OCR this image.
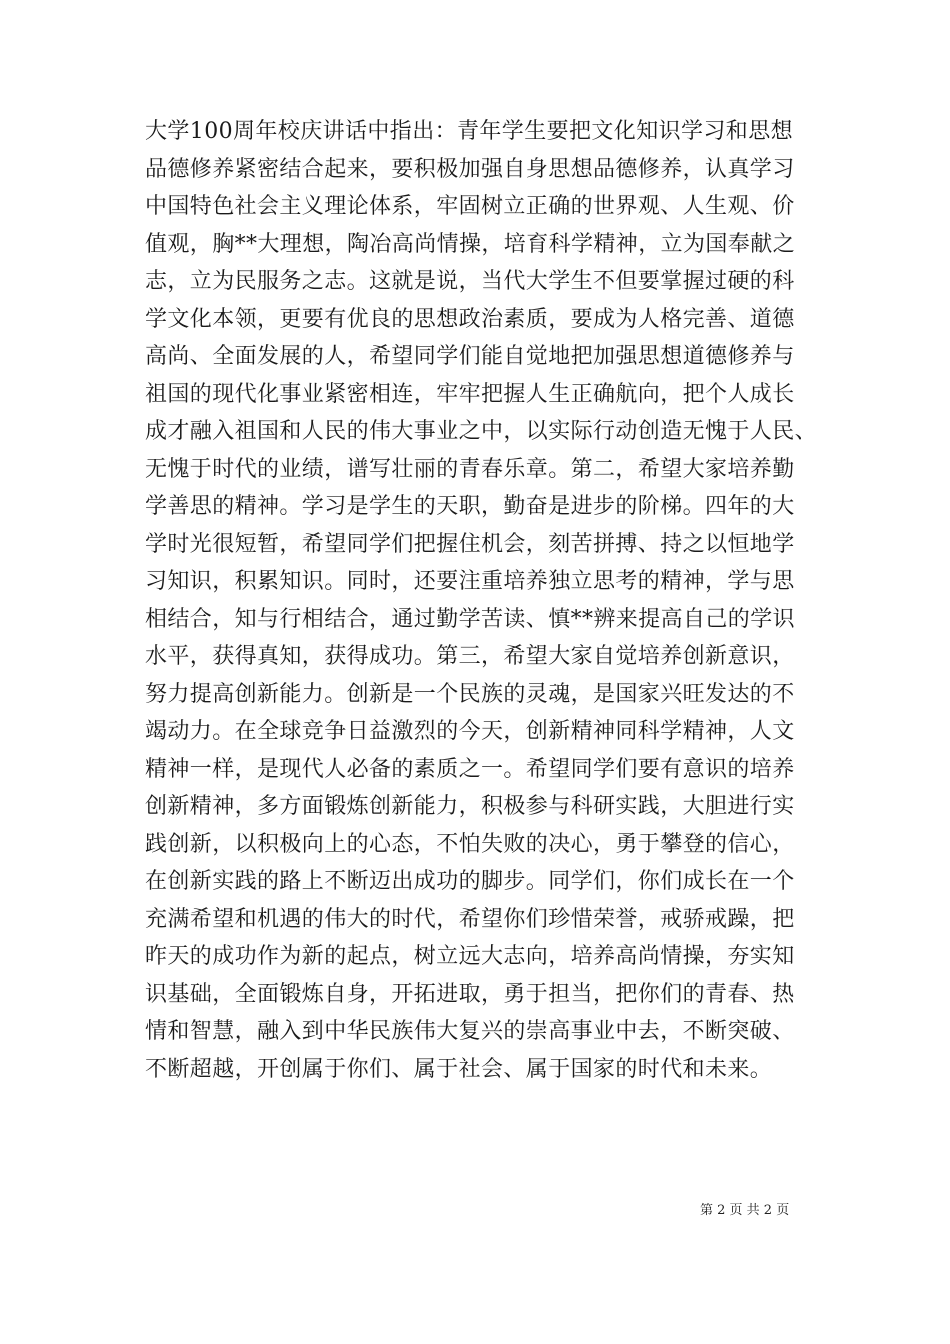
大学100周年校庆讲话中指出：青年学生要把文化知识学习和思想
品德修养紧密结合起来，要积极加强自身思想品德修养，认真学习
中国特色社会主义理论体系，牢固树立正确的世界观、人生观、价
值观，胸**大理想，陶冶高尚情操，培育科学精神，立为国奉献之
志，立为民服务之志。这就是说，当代大学生不但要掌握过硬的科
学文化本领，更要有优良的思想政治素质，要成为人格完善、道德
高尚、全面发展的人，希望同学们能自觉地把加强思想道德修养与
祖国的现代化事业紧密相连，牢牢把握人生正确航向，把个人成长
成才融入祖国和人民的伟大事业之中，以实际行动创造无愧于人民、
无愧于时代的业绩，谱写壮丽的青春乐章。第二，希望大家培养勤
学善思的精神。学习是学生的天职，勤奋是进步的阶梯。四年的大
学时光很短暂，希望同学们把握住机会，刻苦拼搏、持之以恒地学
习知识，积累知识。同时，还要注重培养独立思考的精神，学与思
相结合，知与行相结合，通过勤学苦读、慎**辨来提高自己的学识
水平，获得真知，获得成功。第三，希望大家自觉培养创新意识，
努力提高创新能力。创新是一个民族的灵魂，是国家兴旺发达的不
竭动力。在全球竞争日益激烈的今天，创新精神同科学精神，人文
精神一样，是现代人必备的素质之一。希望同学们要有意识的培养
创新精神，多方面锻炼创新能力，积极参与科研实践，大胆进行实
践创新，以积极向上的心态，不怕失败的决心，勇于攀登的信心，
在创新实践的路上不断迈出成功的脚步。同学们，你们成长在一个
充满希望和机遇的伟大的时代，希望你们珍惜荣誉，戒骄戒躁，把
昨天的成功作为新的起点，树立远大志向，培养高尚情操，夯实知
识基础，全面锻炼自身，开拓进取，勇于担当，把你们的青春、热
情和智慧，融入到中华民族伟大复兴的崇高事业中去，不断突破、
不断超越，开创属于你们、属于社会、属于国家的时代和未来。
第 2 页 共 2 页
